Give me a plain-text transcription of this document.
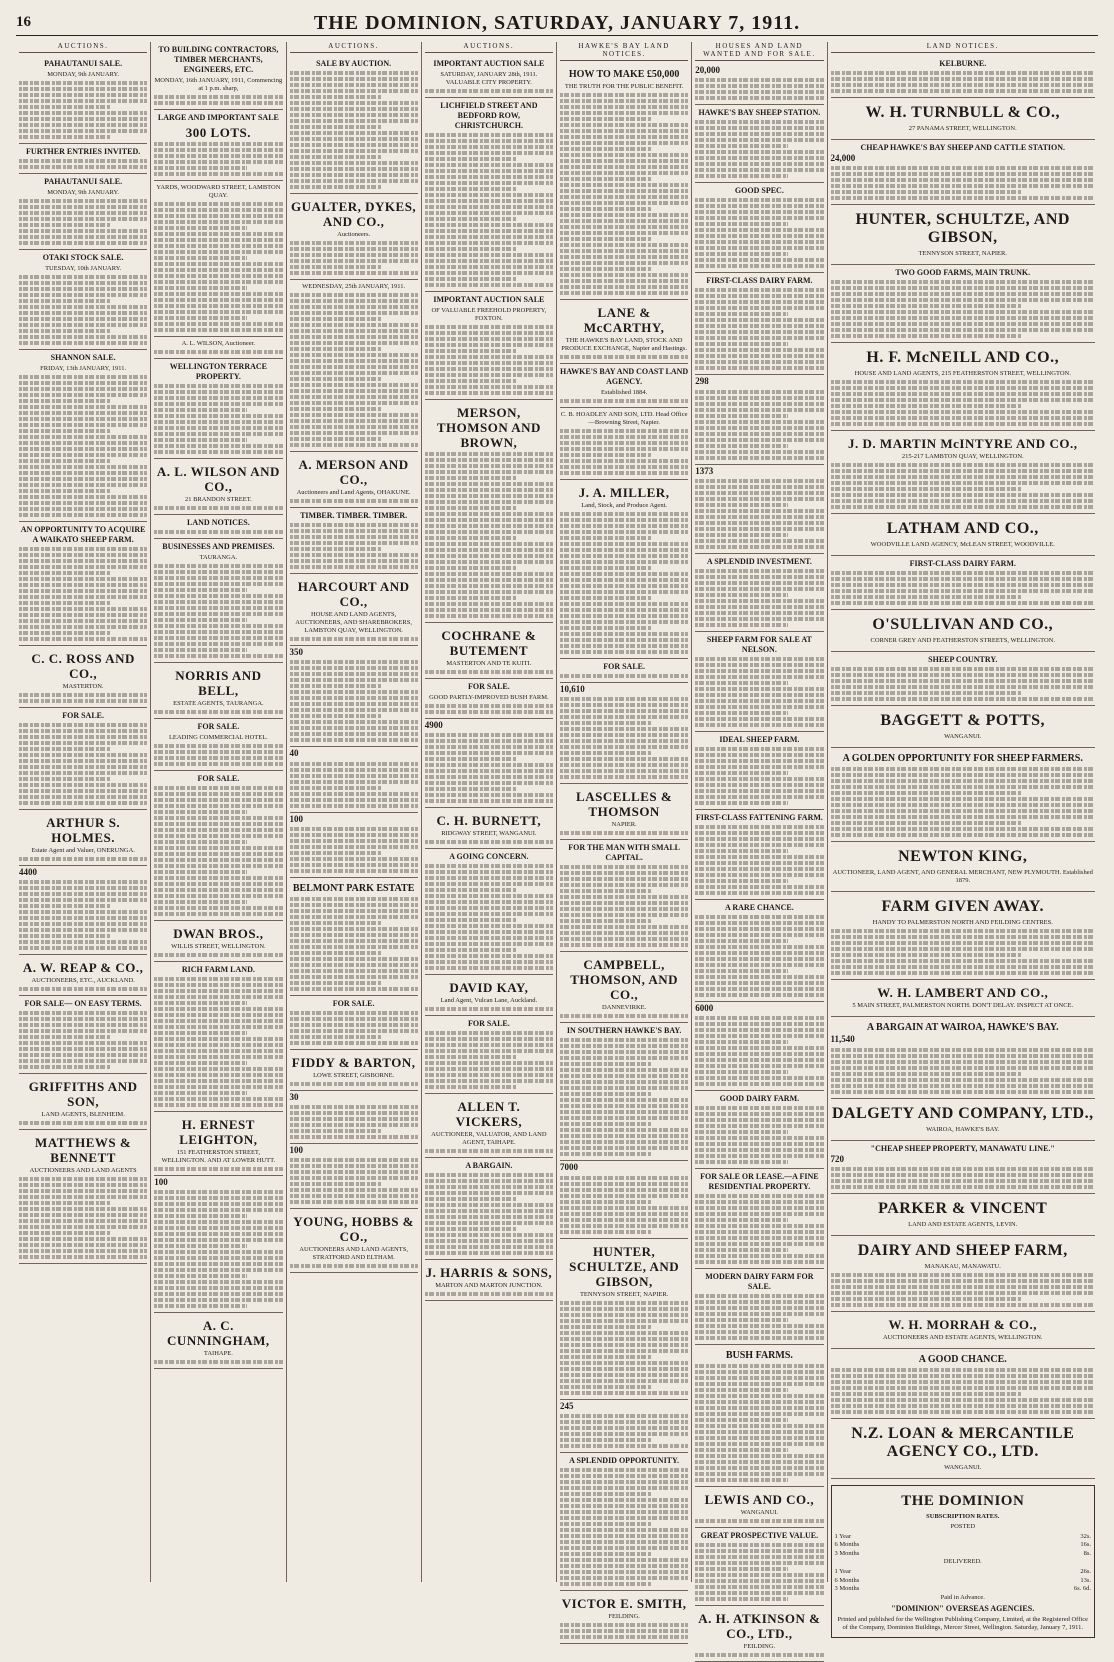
16	THE DOMINION, SATURDAY, JANUARY 7, 1911.
AUCTIONS.
PAHAUTANUI SALE.
MONDAY, 9th JANUARY.
FURTHER ENTRIES INVITED.
PAHAUTANUI SALE.
MONDAY, 9th JANUARY.
OTAKI STOCK SALE.
TUESDAY, 10th JANUARY.
SHANNON SALE.
FRIDAY, 13th JANUARY, 1911.
AN OPPORTUNITY TO ACQUIRE A WAIKATO SHEEP FARM.
C. C. ROSS AND CO.,
MASTERTON.
FOR SALE.
ARTHUR S. HOLMES.
Estate Agent and Valuer, ONERUNGA.
4400
A. W. REAP & CO.,
AUCTIONEERS, ETC., AUCKLAND.
FOR SALE— ON EASY TERMS.
GRIFFITHS AND SON,
LAND AGENTS, BLENHEIM.
MATTHEWS & BENNETT
AUCTIONEERS AND LAND AGENTS
TO BUILDING CONTRACTORS, TIMBER MERCHANTS, ENGINEERS, ETC.
MONDAY, 16th JANUARY, 1911, Commencing at 1 p.m. sharp,
LARGE AND IMPORTANT SALE
300 LOTS.
YARDS, WOODWARD STREET, LAMBTON QUAY.
A. L. WILSON, Auctioneer.
WELLINGTON TERRACE PROPERTY.
A. L. WILSON AND CO.,
21 BRANDON STREET.
LAND NOTICES.
BUSINESSES AND PREMISES.
TAURANGA.
NORRIS AND BELL,
ESTATE AGENTS, TAURANGA.
FOR SALE.
LEADING COMMERCIAL HOTEL.
FOR SALE.
DWAN BROS.,
WILLIS STREET, WELLINGTON.
RICH FARM LAND.
H. ERNEST LEIGHTON,
151 FEATHERSTON STREET, WELLINGTON. AND AT LOWER HUTT.
100
A. C. CUNNINGHAM,
TAIHAPE.
AUCTIONS.
SALE BY AUCTION.
GUALTER, DYKES, AND CO.,
Auctioneers.
WEDNESDAY, 25th JANUARY, 1911.
A. MERSON AND CO.,
Auctioneers and Land Agents, OHAKUNE.
TIMBER. TIMBER. TIMBER.
HARCOURT AND CO.,
HOUSE AND LAND AGENTS, AUCTIONEERS, AND SHAREBROKERS, LAMBTON QUAY, WELLINGTON.
350
40
100
BELMONT PARK ESTATE
FOR SALE.
FIDDY & BARTON,
LOWE STREET, GISBORNE.
30
100
YOUNG, HOBBS & CO.,
AUCTIONEERS AND LAND AGENTS, STRATFORD AND ELTHAM.
AUCTIONS.
IMPORTANT AUCTION SALE
SATURDAY, JANUARY 28th, 1911. VALUABLE CITY PROPERTY.
LICHFIELD STREET AND BEDFORD ROW, CHRISTCHURCH.
IMPORTANT AUCTION SALE
OF VALUABLE FREEHOLD PROPERTY, FOXTON.
MERSON, THOMSON AND BROWN,
COCHRANE & BUTEMENT
MASTERTON AND TE KUITI.
FOR SALE.
GOOD PARTLY-IMPROVED BUSH FARM.
4900
C. H. BURNETT,
RIDGWAY STREET, WANGANUI.
A GOING CONCERN.
DAVID KAY,
Land Agent, Vulcan Lane, Auckland.
FOR SALE.
ALLEN T. VICKERS,
AUCTIONEER, VALUATOR, AND LAND AGENT, TAIHAPE.
A BARGAIN.
J. HARRIS & SONS,
MARTON AND MARTON JUNCTION.
HAWKE'S BAY LAND NOTICES.
HOW TO MAKE £50,000
THE TRUTH FOR THE PUBLIC BENEFIT.
LANE & McCARTHY,
THE HAWKE'S BAY LAND, STOCK AND PRODUCE EXCHANGE, Napier and Hastings.
HAWKE'S BAY AND COAST LAND AGENCY.
Established 1884.
C. B. HOADLEY AND SON, LTD. Head Office—Browning Street, Napier.
J. A. MILLER,
Land, Stock, and Produce Agent.
FOR SALE.
10,610
LASCELLES & THOMSON
NAPIER.
FOR THE MAN WITH SMALL CAPITAL.
CAMPBELL, THOMSON, AND CO.,
DANNEVIRKE.
IN SOUTHERN HAWKE'S BAY.
7000
HUNTER, SCHULTZE, AND GIBSON,
TENNYSON STREET, NAPIER.
245
A SPLENDID OPPORTUNITY.
VICTOR E. SMITH,
FEILDING.
HOUSES AND LAND WANTED AND FOR SALE.
20,000
HAWKE'S BAY SHEEP STATION.
GOOD SPEC.
FIRST-CLASS DAIRY FARM.
298
1373
A SPLENDID INVESTMENT.
SHEEP FARM FOR SALE AT NELSON.
IDEAL SHEEP FARM.
FIRST-CLASS FATTENING FARM.
A RARE CHANCE.
6000
GOOD DAIRY FARM.
FOR SALE OR LEASE.—A FINE RESIDENTIAL PROPERTY.
MODERN DAIRY FARM FOR SALE.
BUSH FARMS.
LEWIS AND CO.,
WANGANUI.
GREAT PROSPECTIVE VALUE.
A. H. ATKINSON & CO., LTD.,
FEILDING.
LAND NOTICES.
KELBURNE.
W. H. TURNBULL & CO.,
27 PANAMA STREET, WELLINGTON.
CHEAP HAWKE'S BAY SHEEP AND CATTLE STATION.
24,000
HUNTER, SCHULTZE, AND GIBSON,
TENNYSON STREET, NAPIER.
TWO GOOD FARMS, MAIN TRUNK.
H. F. McNEILL AND CO.,
HOUSE AND LAND AGENTS, 215 FEATHERSTON STREET, WELLINGTON.
J. D. MARTIN McINTYRE AND CO.,
215-217 LAMBTON QUAY, WELLINGTON.
LATHAM AND CO.,
WOODVILLE LAND AGENCY, McLEAN STREET, WOODVILLE.
FIRST-CLASS DAIRY FARM.
O'SULLIVAN AND CO.,
CORNER GREY AND FEATHERSTON STREETS, WELLINGTON.
SHEEP COUNTRY.
BAGGETT & POTTS,
WANGANUI.
A GOLDEN OPPORTUNITY FOR SHEEP FARMERS.
NEWTON KING,
AUCTIONEER, LAND AGENT, AND GENERAL MERCHANT, NEW PLYMOUTH. Established 1879.
FARM GIVEN AWAY.
HANDY TO PALMERSTON NORTH AND FEILDING CENTRES.
W. H. LAMBERT AND CO.,
5 MAIN STREET, PALMERSTON NORTH. DON'T DELAY. INSPECT AT ONCE.
A BARGAIN AT WAIROA, HAWKE'S BAY.
11,540
DALGETY AND COMPANY, LTD.,
WAIROA, HAWKE'S BAY.
"CHEAP SHEEP PROPERTY, MANAWATU LINE."
720
PARKER & VINCENT
LAND AND ESTATE AGENTS, LEVIN.
DAIRY AND SHEEP FARM,
MANAKAU, MANAWATU.
W. H. MORRAH & CO.,
AUCTIONEERS AND ESTATE AGENTS, WELLINGTON.
A GOOD CHANCE.
N.Z. LOAN & MERCANTILE AGENCY CO., LTD.
WANGANUI.
THE DOMINION
SUBSCRIPTION RATES.
POSTED
1 Year	32s.
6 Months	16s.
3 Months	8s.
DELIVERED.
1 Year	26s.
6 Months	13s.
3 Months	6s. 6d.
Paid in Advance.
"DOMINION" OVERSEAS AGENCIES.
Printed and published for the Wellington Publishing Company, Limited, at the Registered Office of the Company, Dominion Buildings, Mercer Street, Wellington. Saturday, January 7, 1911.
